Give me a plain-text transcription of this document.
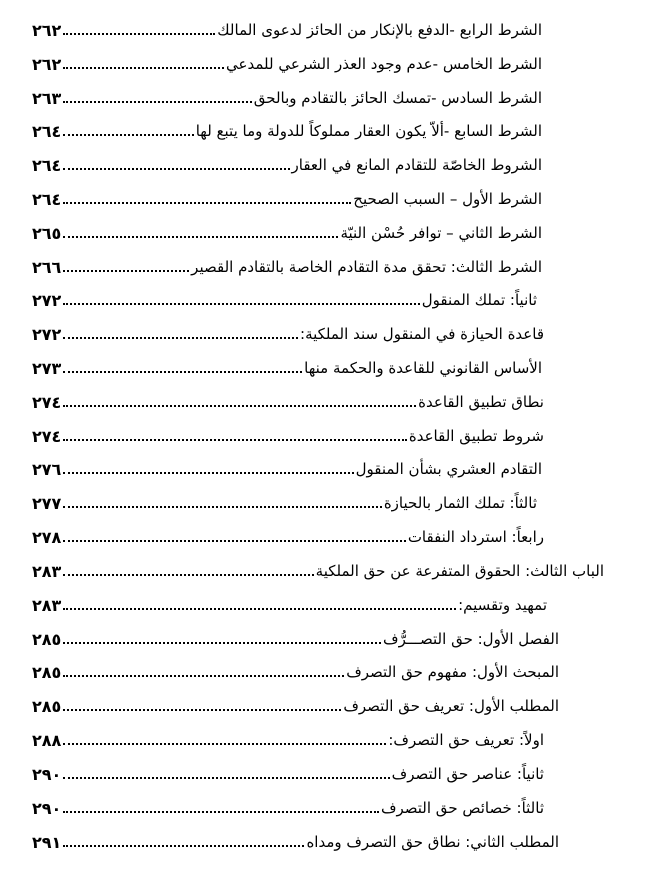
٢٦٢	الشرط الرابع -الدفع بالإنكار من الحائز لدعوى المالك
٢٦٢	الشرط الخامس -عدم وجود العذر الشرعي للمدعي
٢٦٣	الشرط السادس -تمسك الحائز بالتقادم وبالحق
٢٦٤	الشرط السابع -ألاّ يكون العقار مملوكاً للدولة وما يتبع لها
٢٦٤	الشروط الخاصّة للتقادم المانع في العقار
٢٦٤	الشرط الأول – السبب الصحيح
٢٦٥	الشرط الثاني – توافر حُسْن النيّة
٢٦٦	الشرط الثالث: تحقق مدة التقادم الخاصة بالتقادم القصير
٢٧٢	ثانياً: تملك المنقول
٢٧٢	قاعدة الحيازة في المنقول سند الملكية:
٢٧٣	الأساس القانوني للقاعدة والحكمة منها
٢٧٤	نطاق تطبيق القاعدة
٢٧٤	شروط تطبيق القاعدة
٢٧٦	التقادم العشري بشأن المنقول
٢٧٧	ثالثاً: تملك الثمار بالحيازة
٢٧٨	رابعاً: استرداد النفقات
٢٨٣	الباب الثالث: الحقوق المتفرعة عن حق الملكية
٢٨٣	تمهيد وتقسيم:
٢٨٥	الفصل الأول: حق التصـــرُّف
٢٨٥	المبحث الأول: مفهوم حق التصرف
٢٨٥	المطلب الأول: تعريف حق التصرف
٢٨٨	اولاً: تعريف حق التصرف:
٢٩٠	ثانياً: عناصر حق التصرف
٢٩٠	ثالثاً: خصائص حق التصرف
٢٩١	المطلب الثاني: نطاق حق التصرف ومداه
